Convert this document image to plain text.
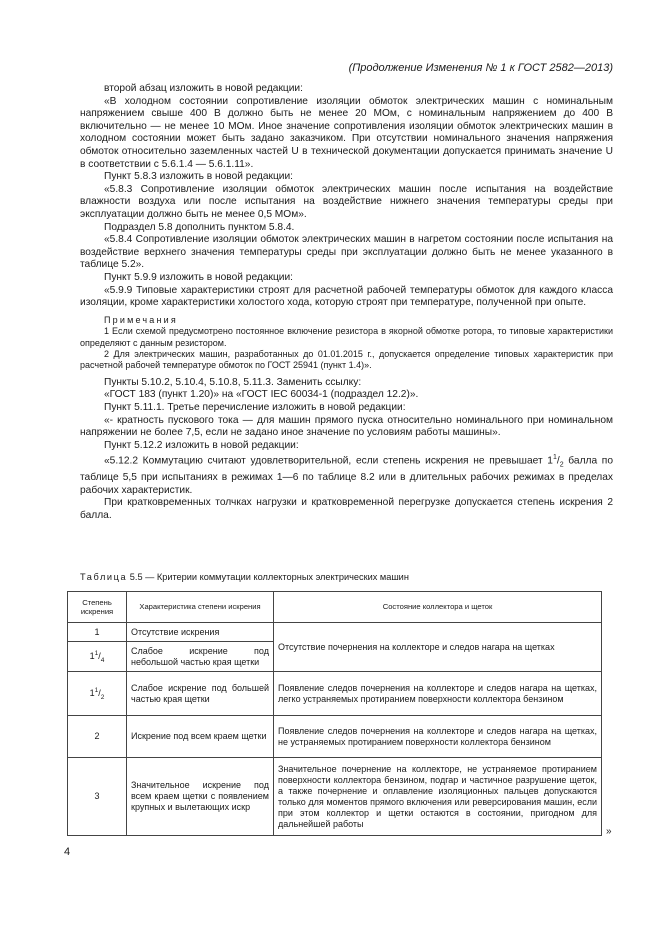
(Продолжение Изменения № 1 к ГОСТ 2582—2013)

второй абзац изложить в новой редакции:

«В холодном состоянии сопротивление изоляции обмоток электрических машин с номинальным напряжением свыше 400 В должно быть не менее 20 МОм, с номинальным напряжением до 400 В включительно — не менее 10 МОм. Иное значение сопротивления изоляции обмоток электрических машин в холодном состоянии может быть задано заказчиком. При отсутствии номинального значения напряжения обмоток относительно заземленных частей U в технической документации допускается принимать значение U в соответствии с 5.6.1.4 — 5.6.1.11».

Пункт 5.8.3 изложить в новой редакции:

«5.8.3 Сопротивление изоляции обмоток электрических машин после испытания на воздействие влажности воздуха или после испытания на воздействие нижнего значения температуры среды при эксплуатации должно быть не менее 0,5 МОм».

Подраздел 5.8 дополнить пунктом 5.8.4.

«5.8.4 Сопротивление изоляции обмоток электрических машин в нагретом состоянии после испытания на воздействие верхнего значения температуры среды при эксплуатации должно быть не менее указанного в таблице 5.2».

Пункт 5.9.9 изложить в новой редакции:

«5.9.9 Типовые характеристики строят для расчетной рабочей температуры обмоток для каждого класса изоляции, кроме характеристики холостого хода, которую строят при температуре, полученной при опыте.

Примечания

1 Если схемой предусмотрено постоянное включение резистора в якорной обмотке ротора, то типовые характеристики определяют с данным резистором.

2 Для электрических машин, разработанных до 01.01.2015 г., допускается определение типовых характеристик при расчетной рабочей температуре обмоток по ГОСТ 25941 (пункт 1.4)».

Пункты 5.10.2, 5.10.4, 5.10.8, 5.11.3. Заменить ссылку:

«ГОСТ 183 (пункт 1.20)» на «ГОСТ IEC 60034-1 (подраздел 12.2)».

Пункт 5.11.1. Третье перечисление изложить в новой редакции:

«- кратность пускового тока — для машин прямого пуска относительно номинального при номинальном напряжении не более 7,5, если не задано иное значение по условиям работы машины».

Пункт 5.12.2 изложить в новой редакции:

«5.12.2 Коммутацию считают удовлетворительной, если степень искрения не превышает $1^1/_2$ балла по таблице 5,5 при испытаниях в режимах 1—6 по таблице 8.2 или в длительных рабочих режимах в пределах рабочих характеристик.

При кратковременных толчках нагрузки и кратковременной перегрузке допускается степень искрения 2 балла.

Таблица 5.5 — Критерии коммутации коллекторных электрических машин
Степень искрения	Характеристика степени искрения	Состояние коллектора и щеток
1	Отсутствие искрения	Отсутствие почернения на коллекторе и следов нагара на щетках
$1^1/_4$	Слабое искрение под небольшой частью края щетки	
$1^1/_2$	Слабое искрение под большей частью края щетки	Появление следов почернения на коллекторе и следов нагара на щетках, легко устраняемых протиранием поверхности коллектора бензином
2	Искрение под всем краем щетки	Появление следов почернения на коллекторе и следов нагара на щетках, не устраняемых протиранием поверхности коллектора бензином
3	Значительное искрение под всем краем щетки с появлением крупных и вылетающих искр	Значительное почернение на коллекторе, не устраняемое протиранием поверхности коллектора бензином, подгар и частичное разрушение щеток, а также почернение и оплавление изоляционных пальцев допускаются только для моментов прямого включения или реверсирования машин, если при этом коллектор и щетки остаются в состоянии, пригодном для дальнейшей работы
»
4
